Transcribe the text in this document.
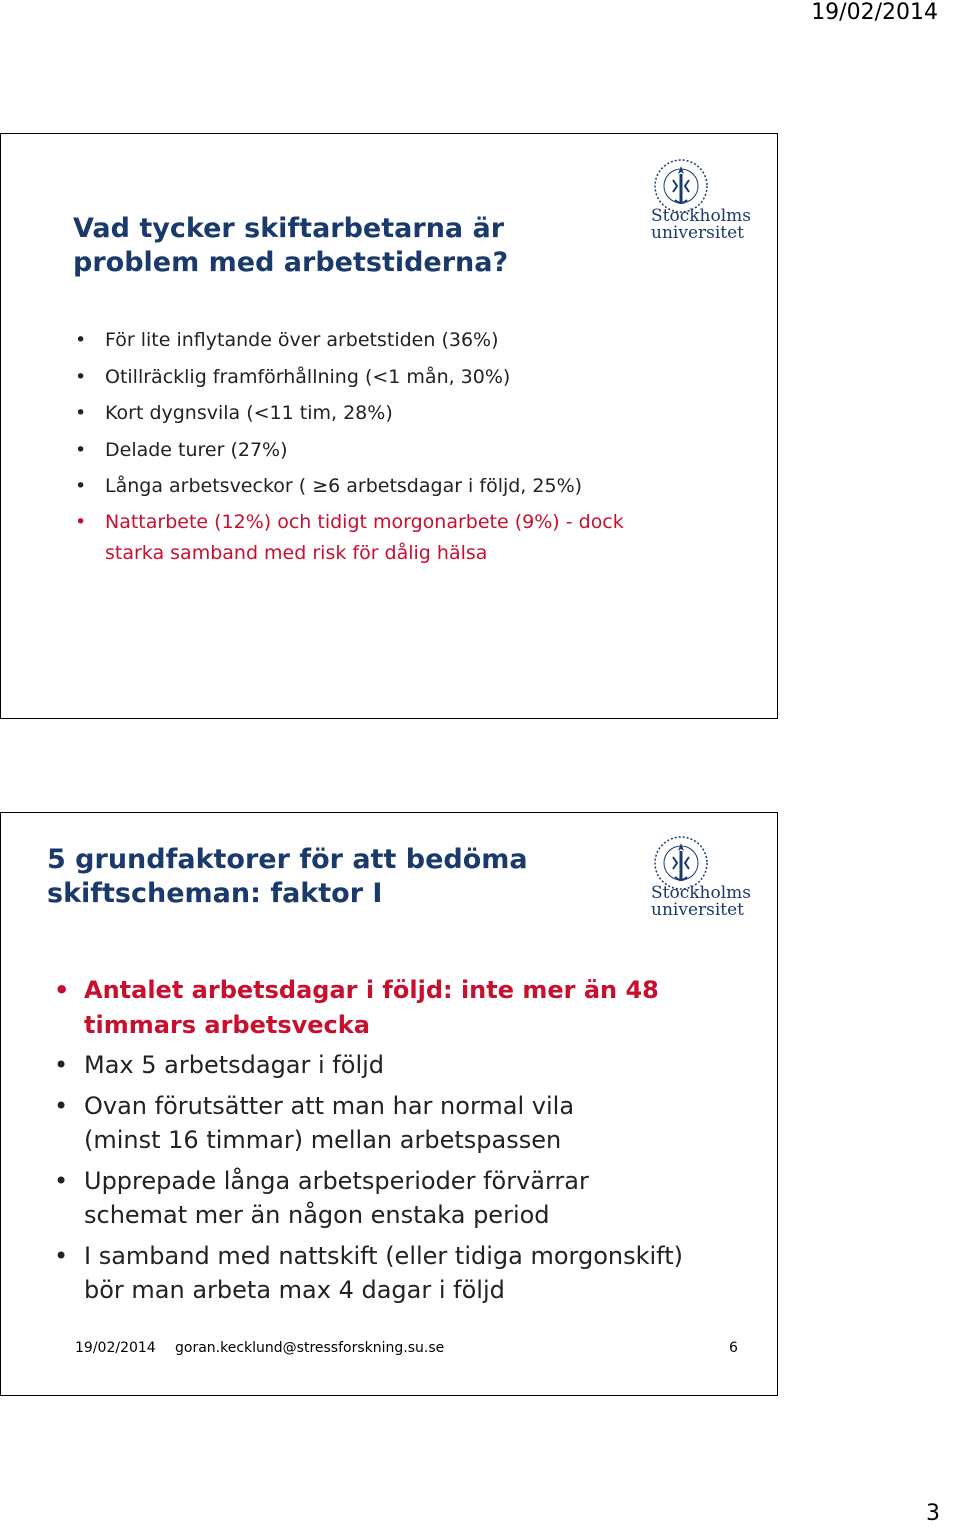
19/02/2014
Vad tycker skiftarbetarna är problem med arbetstiderna?
Stockholms
universitet
• För lite inflytande över arbetstiden (36%)
• Otillräcklig framförhållning (<1 mån, 30%)
• Kort dygnsvila (<11 tim, 28%)
• Delade turer (27%)
• Långa arbetsveckor ( ≥6 arbetsdagar i följd, 25%)
• Nattarbete (12%) och tidigt morgonarbete (9%) - dock starka samband med risk för dålig hälsa
5 grundfaktorer för att bedöma skiftscheman: faktor I	Stockholms
universitet
• Antalet arbetsdagar i följd: inte mer än 48 timmars arbetsvecka
• Max 5 arbetsdagar i följd
• Ovan förutsätter att man har normal vila (minst 16 timmar) mellan arbetspassen
• Upprepade långa arbetsperioder förvärrar schemat mer än någon enstaka period
• I samband med nattskift (eller tidiga morgonskift) bör man arbeta max 4 dagar i följd
19/02/2014 goran.kecklund@stressforskning.su.se	6
3
